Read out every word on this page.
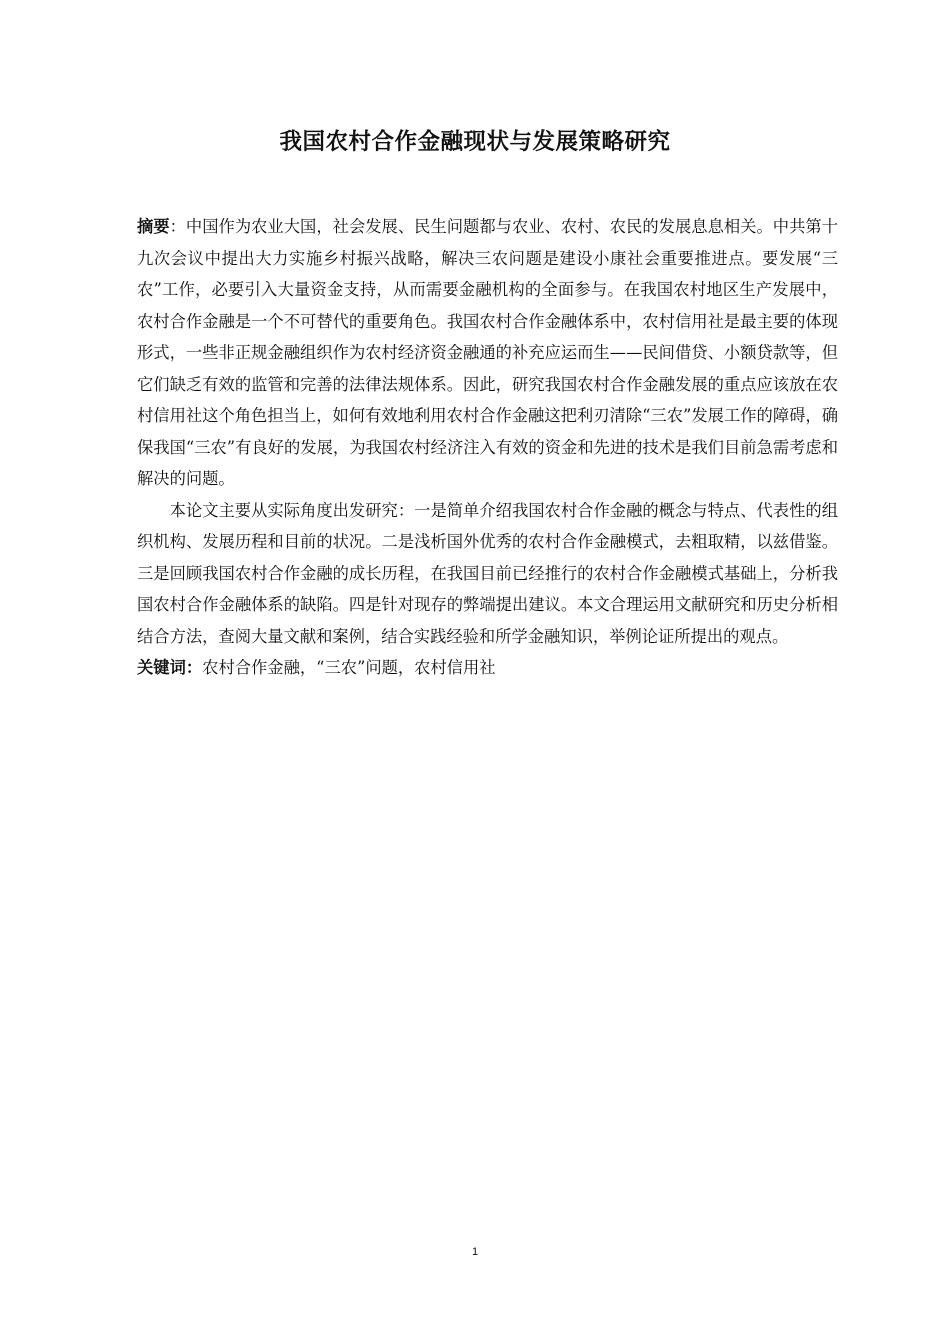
我国农村合作金融现状与发展策略研究

摘要：中国作为农业大国，社会发展、民生问题都与农业、农村、农民的发展息息相关。中共第十九次会议中提出大力实施乡村振兴战略，解决三农问题是建设小康社会重要推进点。要发展“三农”工作，必要引入大量资金支持，从而需要金融机构的全面参与。在我国农村地区生产发展中，农村合作金融是一个不可替代的重要角色。我国农村合作金融体系中，农村信用社是最主要的体现形式，一些非正规金融组织作为农村经济资金融通的补充应运而生——民间借贷、小额贷款等，但它们缺乏有效的监管和完善的法律法规体系。因此，研究我国农村合作金融发展的重点应该放在农村信用社这个角色担当上，如何有效地利用农村合作金融这把利刃清除“三农”发展工作的障碍，确保我国“三农”有良好的发展，为我国农村经济注入有效的资金和先进的技术是我们目前急需考虑和解决的问题。

本论文主要从实际角度出发研究：一是简单介绍我国农村合作金融的概念与特点、代表性的组织机构、发展历程和目前的状况。二是浅析国外优秀的农村合作金融模式，去粗取精，以兹借鉴。三是回顾我国农村合作金融的成长历程，在我国目前已经推行的农村合作金融模式基础上，分析我国农村合作金融体系的缺陷。四是针对现存的弊端提出建议。本文合理运用文献研究和历史分析相结合方法，查阅大量文献和案例，结合实践经验和所学金融知识，举例论证所提出的观点。

关键词：农村合作金融，“三农”问题，农村信用社

1
